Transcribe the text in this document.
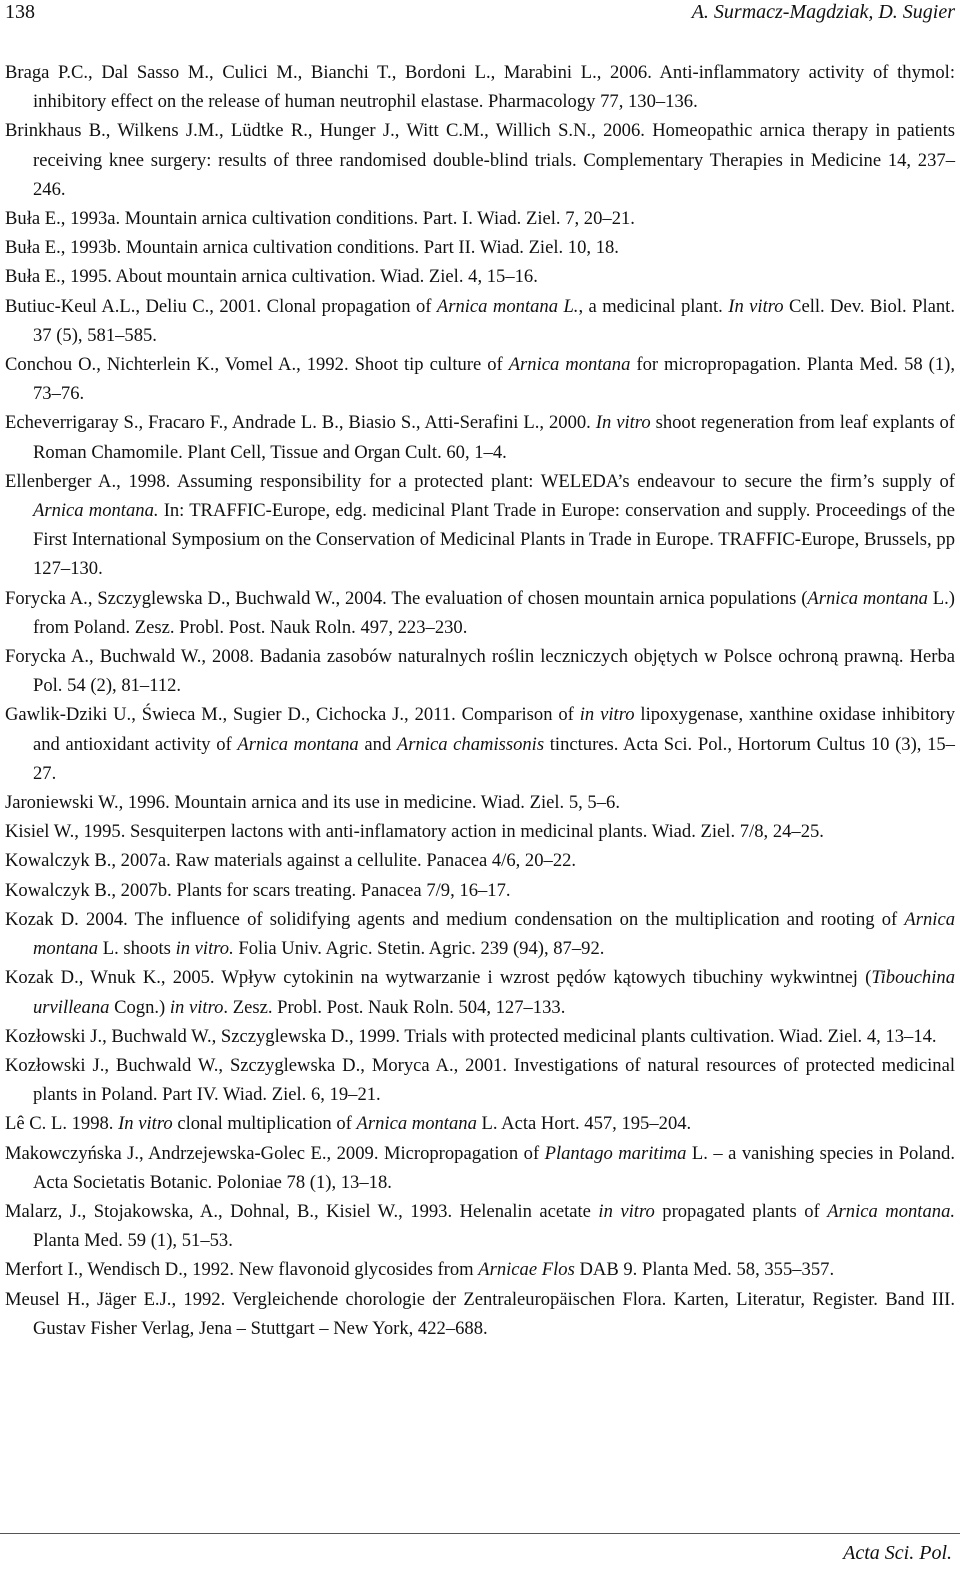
138	A. Surmacz-Magdziak, D. Sugier
Braga P.C., Dal Sasso M., Culici M., Bianchi T., Bordoni L., Marabini L., 2006. Anti-inflammatory activity of thymol: inhibitory effect on the release of human neutrophil elastase. Pharmacology 77, 130–136.
Brinkhaus B., Wilkens J.M., Lüdtke R., Hunger J., Witt C.M., Willich S.N., 2006. Homeopathic arnica therapy in patients receiving knee surgery: results of three randomised double-blind trials. Complementary Therapies in Medicine 14, 237–246.
Buła E., 1993a. Mountain arnica cultivation conditions. Part. I. Wiad. Ziel. 7, 20–21.
Buła E., 1993b. Mountain arnica cultivation conditions. Part II. Wiad. Ziel. 10, 18.
Buła E., 1995. About mountain arnica cultivation. Wiad. Ziel. 4, 15–16.
Butiuc-Keul A.L., Deliu C., 2001. Clonal propagation of Arnica montana L., a medicinal plant. In vitro Cell. Dev. Biol. Plant. 37 (5), 581–585.
Conchou O., Nichterlein K., Vomel A., 1992. Shoot tip culture of Arnica montana for micropropagation. Planta Med. 58 (1), 73–76.
Echeverrigaray S., Fracaro F., Andrade L. B., Biasio S., Atti-Serafini L., 2000. In vitro shoot regeneration from leaf explants of Roman Chamomile. Plant Cell, Tissue and Organ Cult. 60, 1–4.
Ellenberger A., 1998. Assuming responsibility for a protected plant: WELEDA’s endeavour to secure the firm’s supply of Arnica montana. In: TRAFFIC-Europe, edg. medicinal Plant Trade in Europe: conservation and supply. Proceedings of the First International Symposium on the Conservation of Medicinal Plants in Trade in Europe. TRAFFIC-Europe, Brussels, pp 127–130.
Forycka A., Szczyglewska D., Buchwald W., 2004. The evaluation of chosen mountain arnica populations (Arnica montana L.) from Poland. Zesz. Probl. Post. Nauk Roln. 497, 223–230.
Forycka A., Buchwald W., 2008. Badania zasobów naturalnych roślin leczniczych objętych w Polsce ochroną prawną. Herba Pol. 54 (2), 81–112.
Gawlik-Dziki U., Świeca M., Sugier D., Cichocka J., 2011. Comparison of in vitro lipoxygenase, xanthine oxidase inhibitory and antioxidant activity of Arnica montana and Arnica chamissonis tinctures. Acta Sci. Pol., Hortorum Cultus 10 (3), 15–27.
Jaroniewski W., 1996. Mountain arnica and its use in medicine. Wiad. Ziel. 5, 5–6.
Kisiel W., 1995. Sesquiterpen lactons with anti-inflamatory action in medicinal plants. Wiad. Ziel. 7/8, 24–25.
Kowalczyk B., 2007a. Raw materials against a cellulite. Panacea 4/6, 20–22.
Kowalczyk B., 2007b. Plants for scars treating. Panacea 7/9, 16–17.
Kozak D. 2004. The influence of solidifying agents and medium condensation on the multiplication and rooting of Arnica montana L. shoots in vitro. Folia Univ. Agric. Stetin. Agric. 239 (94), 87–92.
Kozak D., Wnuk K., 2005. Wpływ cytokinin na wytwarzanie i wzrost pędów kątowych tibuchiny wykwintnej (Tibouchina urvilleana Cogn.) in vitro. Zesz. Probl. Post. Nauk Roln. 504, 127–133.
Kozłowski J., Buchwald W., Szczyglewska D., 1999. Trials with protected medicinal plants cultivation. Wiad. Ziel. 4, 13–14.
Kozłowski J., Buchwald W., Szczyglewska D., Moryca A., 2001. Investigations of natural resources of protected medicinal plants in Poland. Part IV. Wiad. Ziel. 6, 19–21.
Lê C. L. 1998. In vitro clonal multiplication of Arnica montana L. Acta Hort. 457, 195–204.
Makowczyńska J., Andrzejewska-Golec E., 2009. Micropropagation of Plantago maritima L. – a vanishing species in Poland. Acta Societatis Botanic. Poloniae 78 (1), 13–18.
Malarz, J., Stojakowska, A., Dohnal, B., Kisiel W., 1993. Helenalin acetate in vitro propagated plants of Arnica montana. Planta Med. 59 (1), 51–53.
Merfort I., Wendisch D., 1992. New flavonoid glycosides from Arnicae Flos DAB 9. Planta Med. 58, 355–357.
Meusel H., Jäger E.J., 1992. Vergleichende chorologie der Zentraleuropäischen Flora. Karten, Literatur, Register. Band III. Gustav Fisher Verlag, Jena – Stuttgart – New York, 422–688.
Acta Sci. Pol.
